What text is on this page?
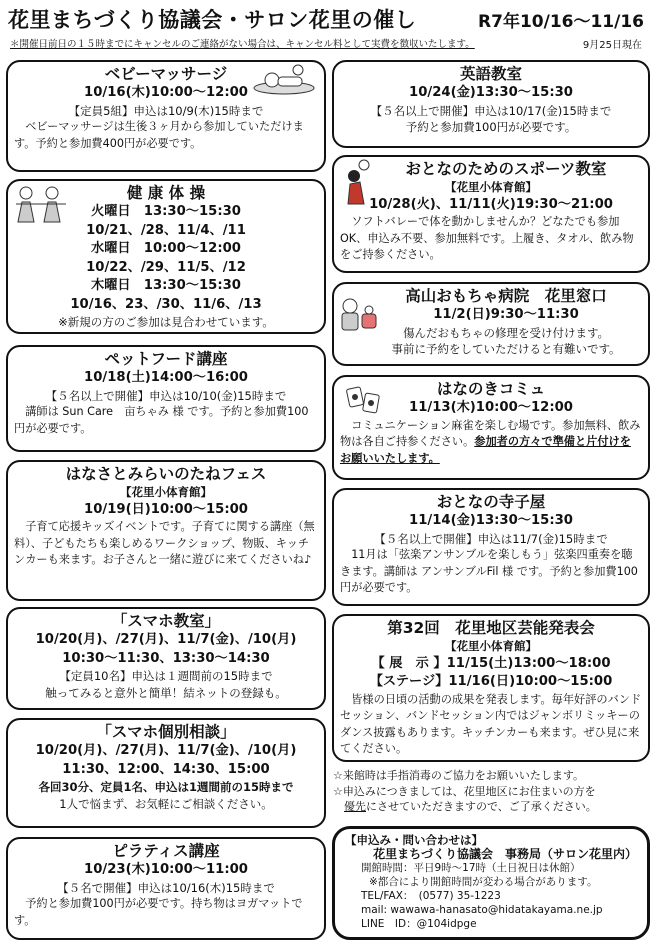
花里まちづくり協議会・サロン花里の催し	R7年10/16～11/16
＊開催日前日の１５時までにキャンセルのご連絡がない場合は、キャンセル料として実費を徴収いたします。	9月25日現在
ベビーマッサージ
10/16(木)10:00～12:00
【定員5組】申込は10/9(木)15時まで
ベビーマッサージは生後３ヶ月から参加していただけます。予約と参加費400円が必要です。
健 康 体 操
火曜日　13:30～15:30
10/21、/28、11/4、/11
水曜日　10:00～12:00
10/22、/29、11/5、/12
木曜日　13:30～15:30
10/16、23、/30、11/6、/13
※新規の方のご参加は見合わせています。
ペットフード講座
10/18(土)14:00～16:00
【５名以上で開催】申込は10/10(金)15時まで
講師は Sun Care　亩ちゃみ 様 です。予約と参加費100円が必要です。
はなさとみらいのたねフェス
【花里小体育館】
10/19(日)10:00～15:00
子育て応援キッズイベントです。子育てに関する講座（無料）、子どもたちも楽しめるワークショップ、物販、キッチンカーも来ます。お子さんと一緒に遊びに来てくださいね♪
「スマホ教室」
10/20(月)、/27(月)、11/7(金)、/10(月)
10:30～11:30、13:30～14:30
【定員10名】申込は１週間前の15時まで
触ってみると意外と簡単！結ネットの登録も。
「スマホ個別相談」
10/20(月)、/27(月)、11/7(金)、/10(月)
11:30、12:00、14:30、15:00
各回30分、定員1名、申込は1週間前の15時まで
1人で悩まず、お気軽にご相談ください。
ピラティス講座
10/23(木)10:00～11:00
【５名で開催】申込は10/16(木)15時まで
予約と参加費100円が必要です。持ち物はヨガマットです。
英語教室
10/24(金)13:30～15:30
【５名以上で開催】申込は10/17(金)15時まで
予約と参加費100円が必要です。
おとなのためのスポーツ教室
【花里小体育館】
10/28(火)、11/11(火)19:30～21:00
ソフトバレーで体を動かしませんか？どなたでも参加OK、申込み不要、参加無料です。上履き、タオル、飲み物をご持参ください。
高山おもちゃ病院　花里窓口
11/2(日)9:30～11:30
傷んだおもちゃの修理を受け付けます。
事前に予約をしていただけると有難いです。
はなのきコミュ
11/13(木)10:00～12:00
コミュニケーション麻雀を楽しむ場です。参加無料、飲み物は各自ご持参ください。参加者の方々で準備と片付けをお願いいたします。
おとなの寺子屋
11/14(金)13:30～15:30
【５名以上で開催】申込は11/7(金)15時まで
11月は「弦楽アンサンブルを楽しもう」弦楽四重奏を聴きます。講師は アンサンブルFil 様 です。予約と参加費100円が必要です。
第32回　花里地区芸能発表会
【花里小体育館】
【 展　示 】11/15(土)13:00～18:00
【ステージ】11/16(日)10:00～15:00
皆様の日頃の活動の成果を発表します。毎年好評のバンドセッション、バンドセッション内ではジャンボリミッキーのダンス披露もあります。キッチンカーも来ます。ぜひ見に来てください。
☆来館時は手指消毒のご協力をお願いいたします。
☆申込みにつきましては、花里地区にお住まいの方を
優先にさせていただきますので、ご了承ください。
【申込み・問い合わせは】
花里まちづくり協議会　事務局（サロン花里内）
開館時間：平日9時～17時（土日祝日は休館）
※都合により開館時間が変わる場合があります。
TEL/FAX：　(0577) 35-1223
mail: wawawa-hanasato@hidatakayama.ne.jp
LINE　ID：@104idpge
